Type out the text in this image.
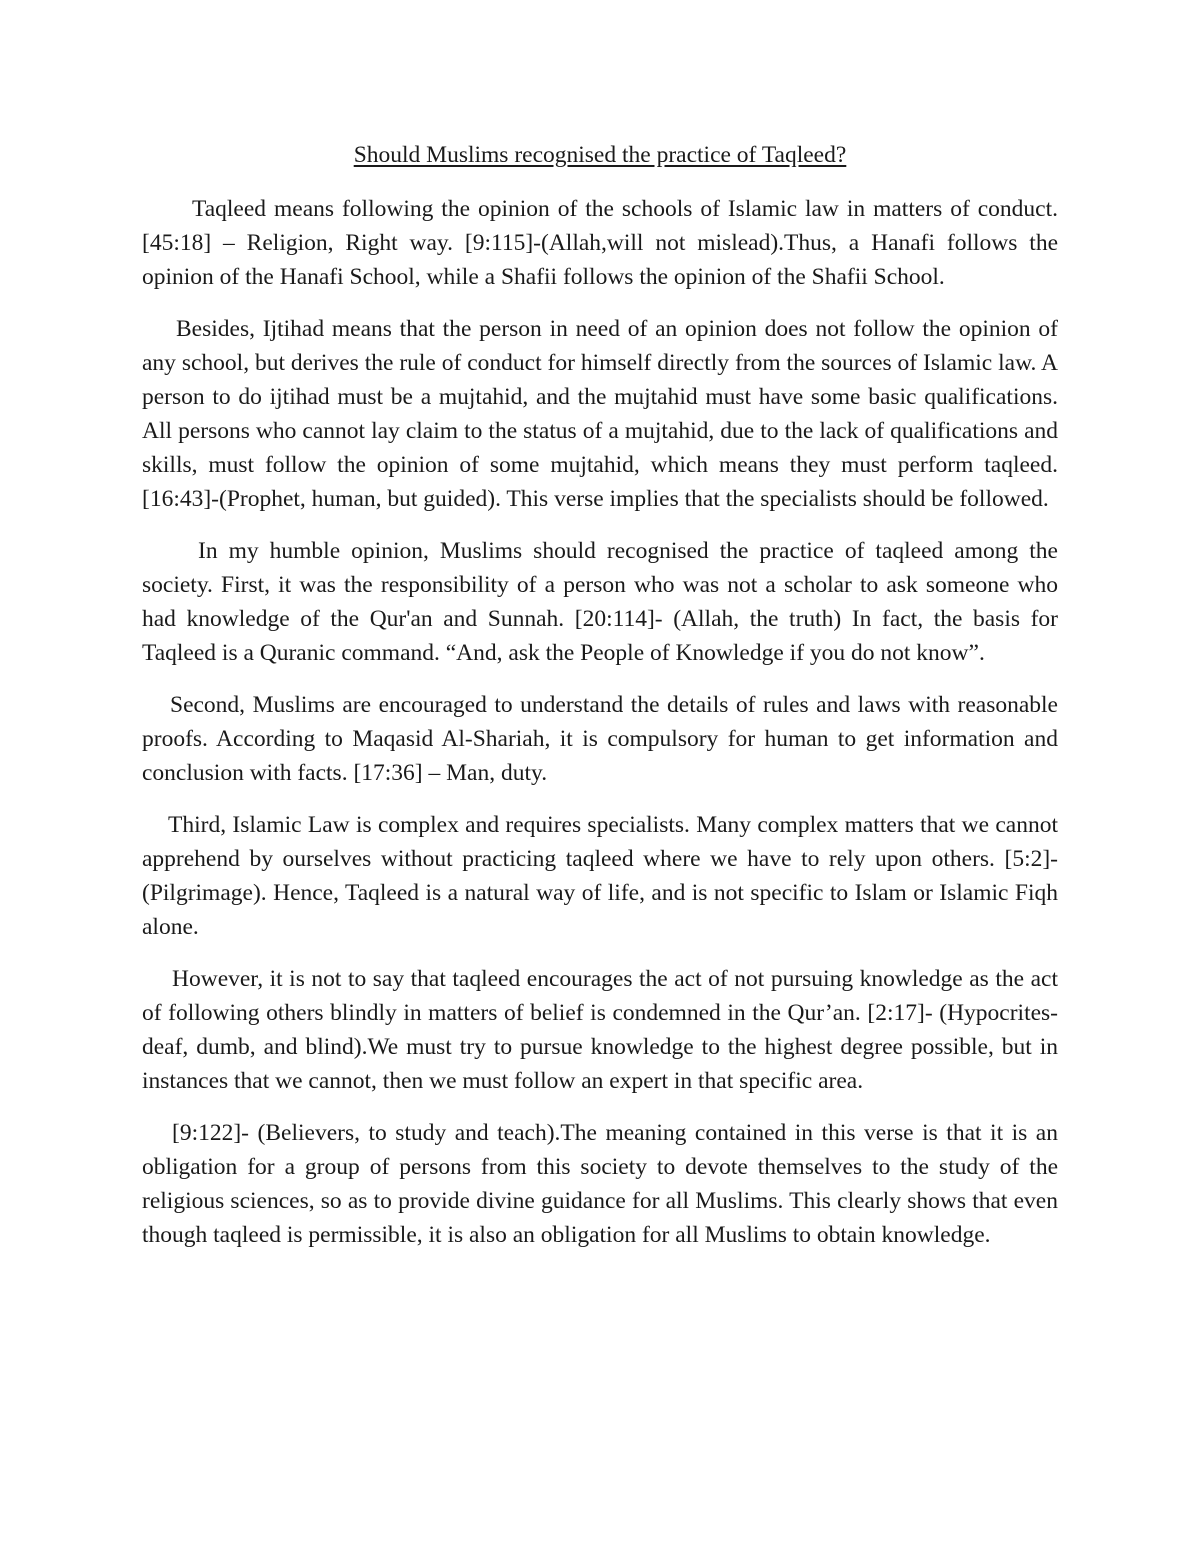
Should Muslims recognised the practice of Taqleed?

Taqleed means following the opinion of the schools of Islamic law in matters of conduct. [45:18] – Religion, Right way. [9:115]-(Allah,will not mislead).Thus, a Hanafi follows the opinion of the Hanafi School, while a Shafii follows the opinion of the Shafii School.

Besides, Ijtihad means that the person in need of an opinion does not follow the opinion of any school, but derives the rule of conduct for himself directly from the sources of Islamic law. A person to do ijtihad must be a mujtahid, and the mujtahid must have some basic qualifications. All persons who cannot lay claim to the status of a mujtahid, due to the lack of qualifications and skills, must follow the opinion of some mujtahid, which means they must perform taqleed. [16:43]-(Prophet, human, but guided). This verse implies that the specialists should be followed.

In my humble opinion, Muslims should recognised the practice of taqleed among the society. First, it was the responsibility of a person who was not a scholar to ask someone who had knowledge of the Qur'an and Sunnah. [20:114]- (Allah, the truth) In fact, the basis for Taqleed is a Quranic command. “And, ask the People of Knowledge if you do not know”.

Second, Muslims are encouraged to understand the details of rules and laws with reasonable proofs. According to Maqasid Al-Shariah, it is compulsory for human to get information and conclusion with facts. [17:36] – Man, duty.

Third, Islamic Law is complex and requires specialists. Many complex matters that we cannot apprehend by ourselves without practicing taqleed where we have to rely upon others. [5:2]- (Pilgrimage). Hence, Taqleed is a natural way of life, and is not specific to Islam or Islamic Fiqh alone.

However, it is not to say that taqleed encourages the act of not pursuing knowledge as the act of following others blindly in matters of belief is condemned in the Qur’an. [2:17]- (Hypocrites- deaf, dumb, and blind).We must try to pursue knowledge to the highest degree possible, but in instances that we cannot, then we must follow an expert in that specific area.

[9:122]- (Believers, to study and teach).The meaning contained in this verse is that it is an obligation for a group of persons from this society to devote themselves to the study of the religious sciences, so as to provide divine guidance for all Muslims. This clearly shows that even though taqleed is permissible, it is also an obligation for all Muslims to obtain knowledge.
